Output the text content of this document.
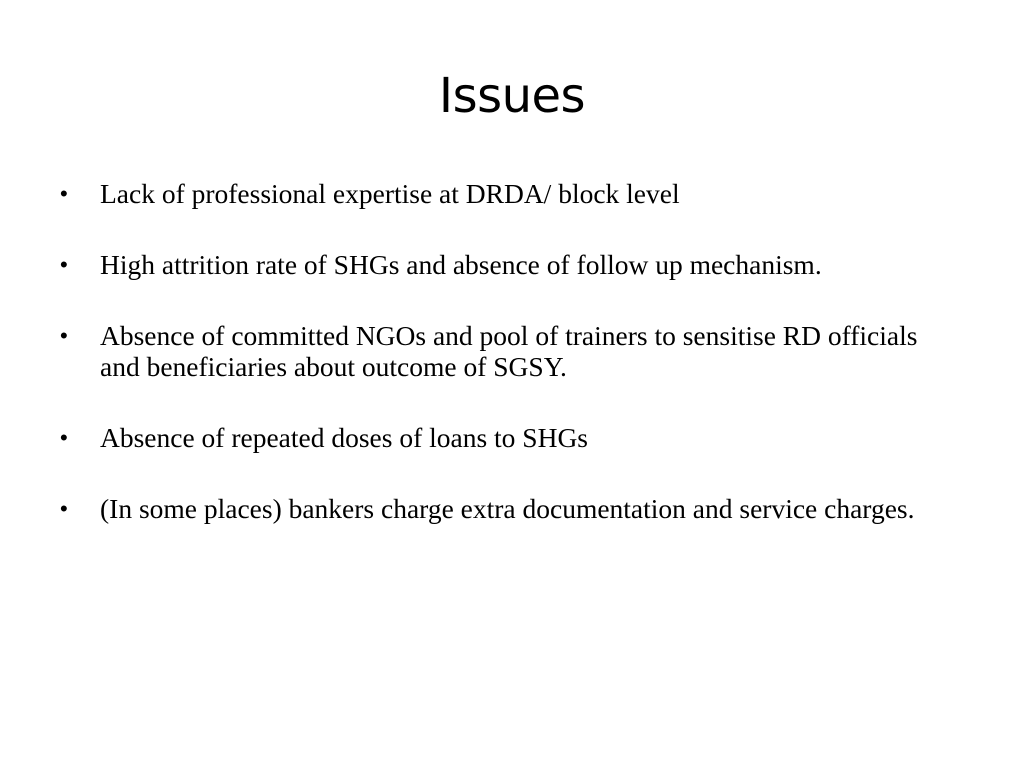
Issues
•	Lack of professional expertise at DRDA/ block level
•	High attrition rate of SHGs and absence of follow up mechanism.
•	Absence of committed NGOs and pool of trainers to sensitise RD officials and beneficiaries about outcome of SGSY.
•	Absence of repeated doses of loans to SHGs
•	(In some places) bankers charge extra documentation and service charges.
